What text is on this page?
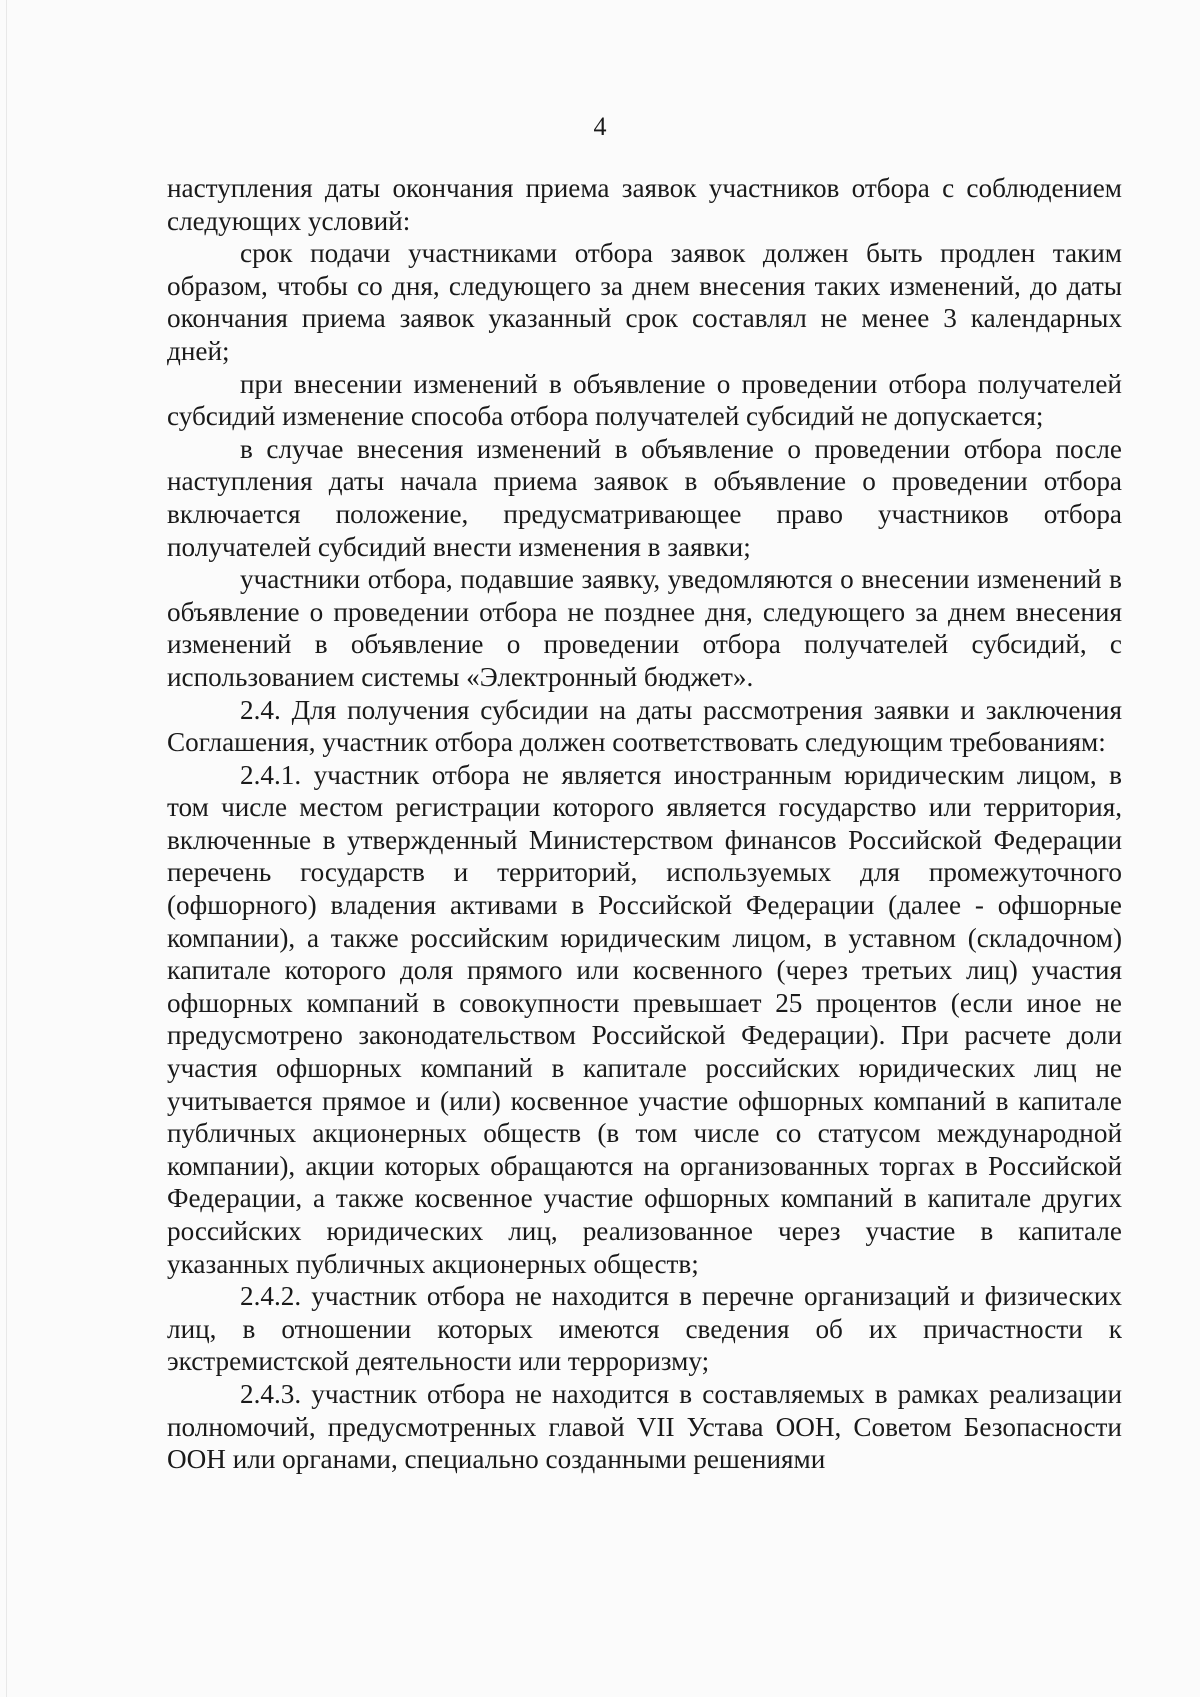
4

наступления даты окончания приема заявок участников отбора с соблюдением следующих условий:

срок подачи участниками отбора заявок должен быть продлен таким образом, чтобы со дня, следующего за днем внесения таких изменений, до даты окончания приема заявок указанный срок составлял не менее 3 календарных дней;

при внесении изменений в объявление о проведении отбора получателей субсидий изменение способа отбора получателей субсидий не допускается;

в случае внесения изменений в объявление о проведении отбора после наступления даты начала приема заявок в объявление о проведении отбора включается положение, предусматривающее право участников отбора получателей субсидий внести изменения в заявки;

участники отбора, подавшие заявку, уведомляются о внесении изменений в объявление о проведении отбора не позднее дня, следующего за днем внесения изменений в объявление о проведении отбора получателей субсидий, с использованием системы «Электронный бюджет».

2.4. Для получения субсидии на даты рассмотрения заявки и заключения Соглашения, участник отбора должен соответствовать следующим требованиям:

2.4.1. участник отбора не является иностранным юридическим лицом, в том числе местом регистрации которого является государство или территория, включенные в утвержденный Министерством финансов Российской Федерации перечень государств и территорий, используемых для промежуточного (офшорного) владения активами в Российской Федерации (далее - офшорные компании), а также российским юридическим лицом, в уставном (складочном) капитале которого доля прямого или косвенного (через третьих лиц) участия офшорных компаний в совокупности превышает 25 процентов (если иное не предусмотрено законодательством Российской Федерации). При расчете доли участия офшорных компаний в капитале российских юридических лиц не учитывается прямое и (или) косвенное участие офшорных компаний в капитале публичных акционерных обществ (в том числе со статусом международной компании), акции которых обращаются на организованных торгах в Российской Федерации, а также косвенное участие офшорных компаний в капитале других российских юридических лиц, реализованное через участие в капитале указанных публичных акционерных обществ;

2.4.2. участник отбора не находится в перечне организаций и физических лиц, в отношении которых имеются сведения об их причастности к экстремистской деятельности или терроризму;

2.4.3. участник отбора не находится в составляемых в рамках реализации полномочий, предусмотренных главой VII Устава ООН, Советом Безопасности ООН или органами, специально созданными решениями
